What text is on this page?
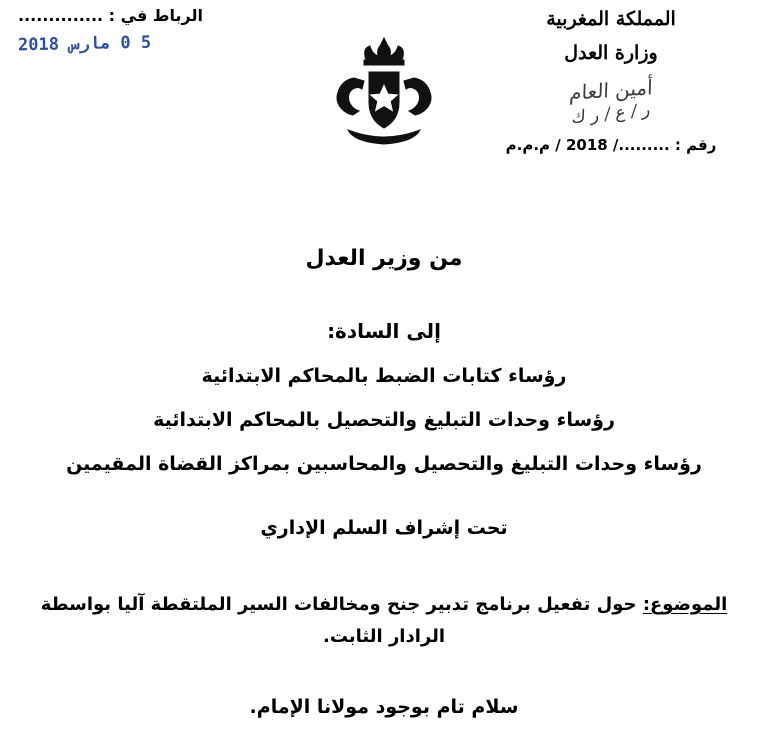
الرباط في : ..............
5 0 مارس 2018
المملكة المغربية
وزارة العدل
أمين العام
ر / ع / ر ك
رقم : ........./ 2018 / م.م.م
من وزير العدل
إلى السادة:
رؤساء كتابات الضبط بالمحاكم الابتدائية
رؤساء وحدات التبليغ والتحصيل بالمحاكم الابتدائية
رؤساء وحدات التبليغ والتحصيل والمحاسبين بمراكز القضاة المقيمين
تحت إشراف السلم الإداري
الموضوع: حول تفعيل برنامج تدبير جنح ومخالفات السير الملتقطة آليا بواسطة الرادار الثابت.
سلام تام بوجود مولانا الإمام.
